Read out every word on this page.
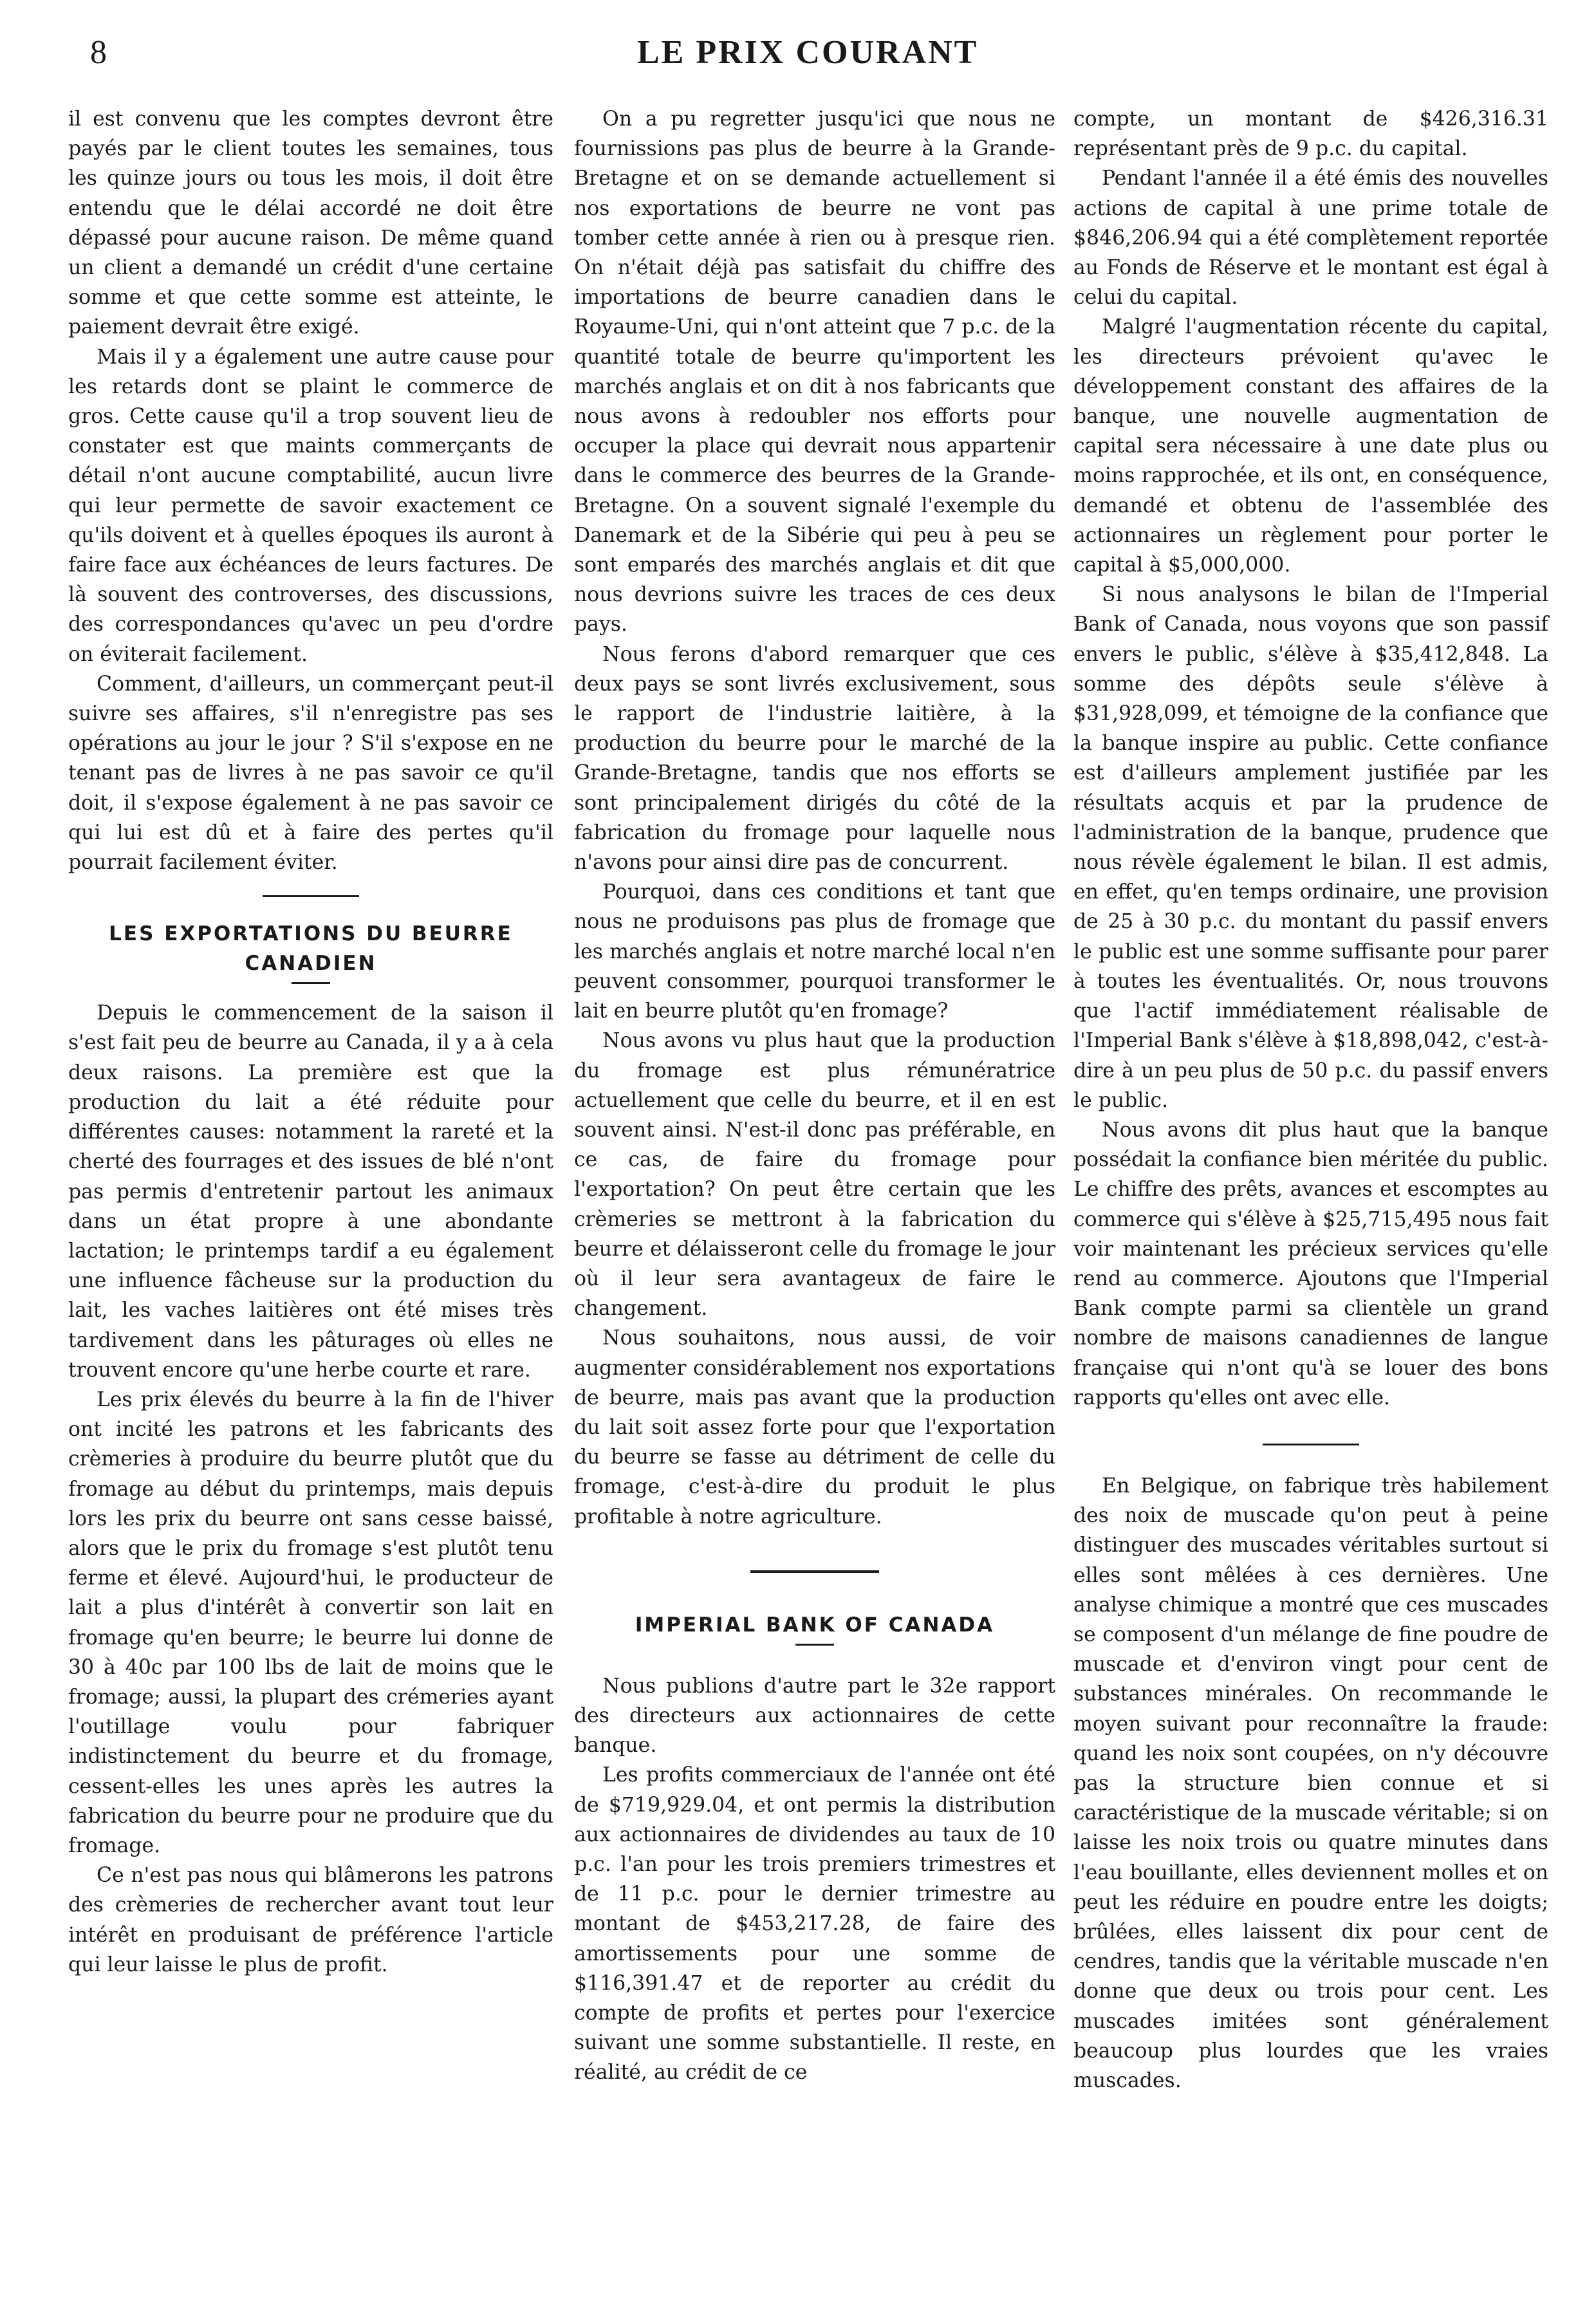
8	LE PRIX COURANT

il est convenu que les comptes devront être payés par le client toutes les semaines, tous les quinze jours ou tous les mois, il doit être entendu que le délai accordé ne doit être dépassé pour aucune raison. De même quand un client a demandé un crédit d'une certaine somme et que cette somme est atteinte, le paiement devrait être exigé.

Mais il y a également une autre cause pour les retards dont se plaint le commerce de gros. Cette cause qu'il a trop souvent lieu de constater est que maints commerçants de détail n'ont aucune comptabilité, aucun livre qui leur permette de savoir exactement ce qu'ils doivent et à quelles époques ils auront à faire face aux échéances de leurs factures. De là souvent des controverses, des discussions, des correspondances qu'avec un peu d'ordre on éviterait facilement.

Comment, d'ailleurs, un commerçant peut-il suivre ses affaires, s'il n'enregistre pas ses opérations au jour le jour ? S'il s'expose en ne tenant pas de livres à ne pas savoir ce qu'il doit, il s'expose également à ne pas savoir ce qui lui est dû et à faire des pertes qu'il pourrait facilement éviter.

LES EXPORTATIONS DU BEURRE CANADIEN

Depuis le commencement de la saison il s'est fait peu de beurre au Canada, il y a à cela deux raisons. La première est que la production du lait a été réduite pour différentes causes: notamment la rareté et la cherté des fourrages et des issues de blé n'ont pas permis d'entretenir partout les animaux dans un état propre à une abondante lactation; le printemps tardif a eu également une influence fâcheuse sur la production du lait, les vaches laitières ont été mises très tardivement dans les pâturages où elles ne trouvent encore qu'une herbe courte et rare.

Les prix élevés du beurre à la fin de l'hiver ont incité les patrons et les fabricants des crèmeries à produire du beurre plutôt que du fromage au début du printemps, mais depuis lors les prix du beurre ont sans cesse baissé, alors que le prix du fromage s'est plutôt tenu ferme et élevé. Aujourd'hui, le producteur de lait a plus d'intérêt à convertir son lait en fromage qu'en beurre; le beurre lui donne de 30 à 40c par 100 lbs de lait de moins que le fromage; aussi, la plupart des crémeries ayant l'outillage voulu pour fabriquer indistinctement du beurre et du fromage, cessent-elles les unes après les autres la fabrication du beurre pour ne produire que du fromage.

Ce n'est pas nous qui blâmerons les patrons des crèmeries de rechercher avant tout leur intérêt en produisant de préférence l'article qui leur laisse le plus de profit.

On a pu regretter jusqu'ici que nous ne fournissions pas plus de beurre à la Grande-Bretagne et on se demande actuellement si nos exportations de beurre ne vont pas tomber cette année à rien ou à presque rien. On n'était déjà pas satisfait du chiffre des importations de beurre canadien dans le Royaume-Uni, qui n'ont atteint que 7 p.c. de la quantité totale de beurre qu'importent les marchés anglais et on dit à nos fabricants que nous avons à redoubler nos efforts pour occuper la place qui devrait nous appartenir dans le commerce des beurres de la Grande-Bretagne. On a souvent signalé l'exemple du Danemark et de la Sibérie qui peu à peu se sont emparés des marchés anglais et dit que nous devrions suivre les traces de ces deux pays.

Nous ferons d'abord remarquer que ces deux pays se sont livrés exclusivement, sous le rapport de l'industrie laitière, à la production du beurre pour le marché de la Grande-Bretagne, tandis que nos efforts se sont principalement dirigés du côté de la fabrication du fromage pour laquelle nous n'avons pour ainsi dire pas de concurrent.

Pourquoi, dans ces conditions et tant que nous ne produisons pas plus de fromage que les marchés anglais et notre marché local n'en peuvent consommer, pourquoi transformer le lait en beurre plutôt qu'en fromage?

Nous avons vu plus haut que la production du fromage est plus rémunératrice actuellement que celle du beurre, et il en est souvent ainsi. N'est-il donc pas préférable, en ce cas, de faire du fromage pour l'exportation? On peut être certain que les crèmeries se mettront à la fabrication du beurre et délaisseront celle du fromage le jour où il leur sera avantageux de faire le changement.

Nous souhaitons, nous aussi, de voir augmenter considérablement nos exportations de beurre, mais pas avant que la production du lait soit assez forte pour que l'exportation du beurre se fasse au détriment de celle du fromage, c'est-à-dire du produit le plus profitable à notre agriculture.

IMPERIAL BANK OF CANADA

Nous publions d'autre part le 32e rapport des directeurs aux actionnaires de cette banque.

Les profits commerciaux de l'année ont été de $719,929.04, et ont permis la distribution aux actionnaires de dividendes au taux de 10 p.c. l'an pour les trois premiers trimestres et de 11 p.c. pour le dernier trimestre au montant de $453,217.28, de faire des amortissements pour une somme de $116,391.47 et de reporter au crédit du compte de profits et pertes pour l'exercice suivant une somme substantielle. Il reste, en réalité, au crédit de ce

compte, un montant de $426,316.31 représentant près de 9 p.c. du capital.

Pendant l'année il a été émis des nouvelles actions de capital à une prime totale de $846,206.94 qui a été complètement reportée au Fonds de Réserve et le montant est égal à celui du capital.

Malgré l'augmentation récente du capital, les directeurs prévoient qu'avec le développement constant des affaires de la banque, une nouvelle augmentation de capital sera nécessaire à une date plus ou moins rapprochée, et ils ont, en conséquence, demandé et obtenu de l'assemblée des actionnaires un règlement pour porter le capital à $5,000,000.

Si nous analysons le bilan de l'Imperial Bank of Canada, nous voyons que son passif envers le public, s'élève à $35,412,848. La somme des dépôts seule s'élève à $31,928,099, et témoigne de la confiance que la banque inspire au public. Cette confiance est d'ailleurs amplement justifiée par les résultats acquis et par la prudence de l'administration de la banque, prudence que nous révèle également le bilan. Il est admis, en effet, qu'en temps ordinaire, une provision de 25 à 30 p.c. du montant du passif envers le public est une somme suffisante pour parer à toutes les éventualités. Or, nous trouvons que l'actif immédiatement réalisable de l'Imperial Bank s'élève à $18,898,042, c'est-à-dire à un peu plus de 50 p.c. du passif envers le public.

Nous avons dit plus haut que la banque possédait la confiance bien méritée du public. Le chiffre des prêts, avances et escomptes au commerce qui s'élève à $25,715,495 nous fait voir maintenant les précieux services qu'elle rend au commerce. Ajoutons que l'Imperial Bank compte parmi sa clientèle un grand nombre de maisons canadiennes de langue française qui n'ont qu'à se louer des bons rapports qu'elles ont avec elle.

En Belgique, on fabrique très habilement des noix de muscade qu'on peut à peine distinguer des muscades véritables surtout si elles sont mêlées à ces dernières. Une analyse chimique a montré que ces muscades se composent d'un mélange de fine poudre de muscade et d'environ vingt pour cent de substances minérales. On recommande le moyen suivant pour reconnaître la fraude: quand les noix sont coupées, on n'y découvre pas la structure bien connue et si caractéristique de la muscade véritable; si on laisse les noix trois ou quatre minutes dans l'eau bouillante, elles deviennent molles et on peut les réduire en poudre entre les doigts; brûlées, elles laissent dix pour cent de cendres, tandis que la véritable muscade n'en donne que deux ou trois pour cent. Les muscades imitées sont généralement beaucoup plus lourdes que les vraies muscades.
